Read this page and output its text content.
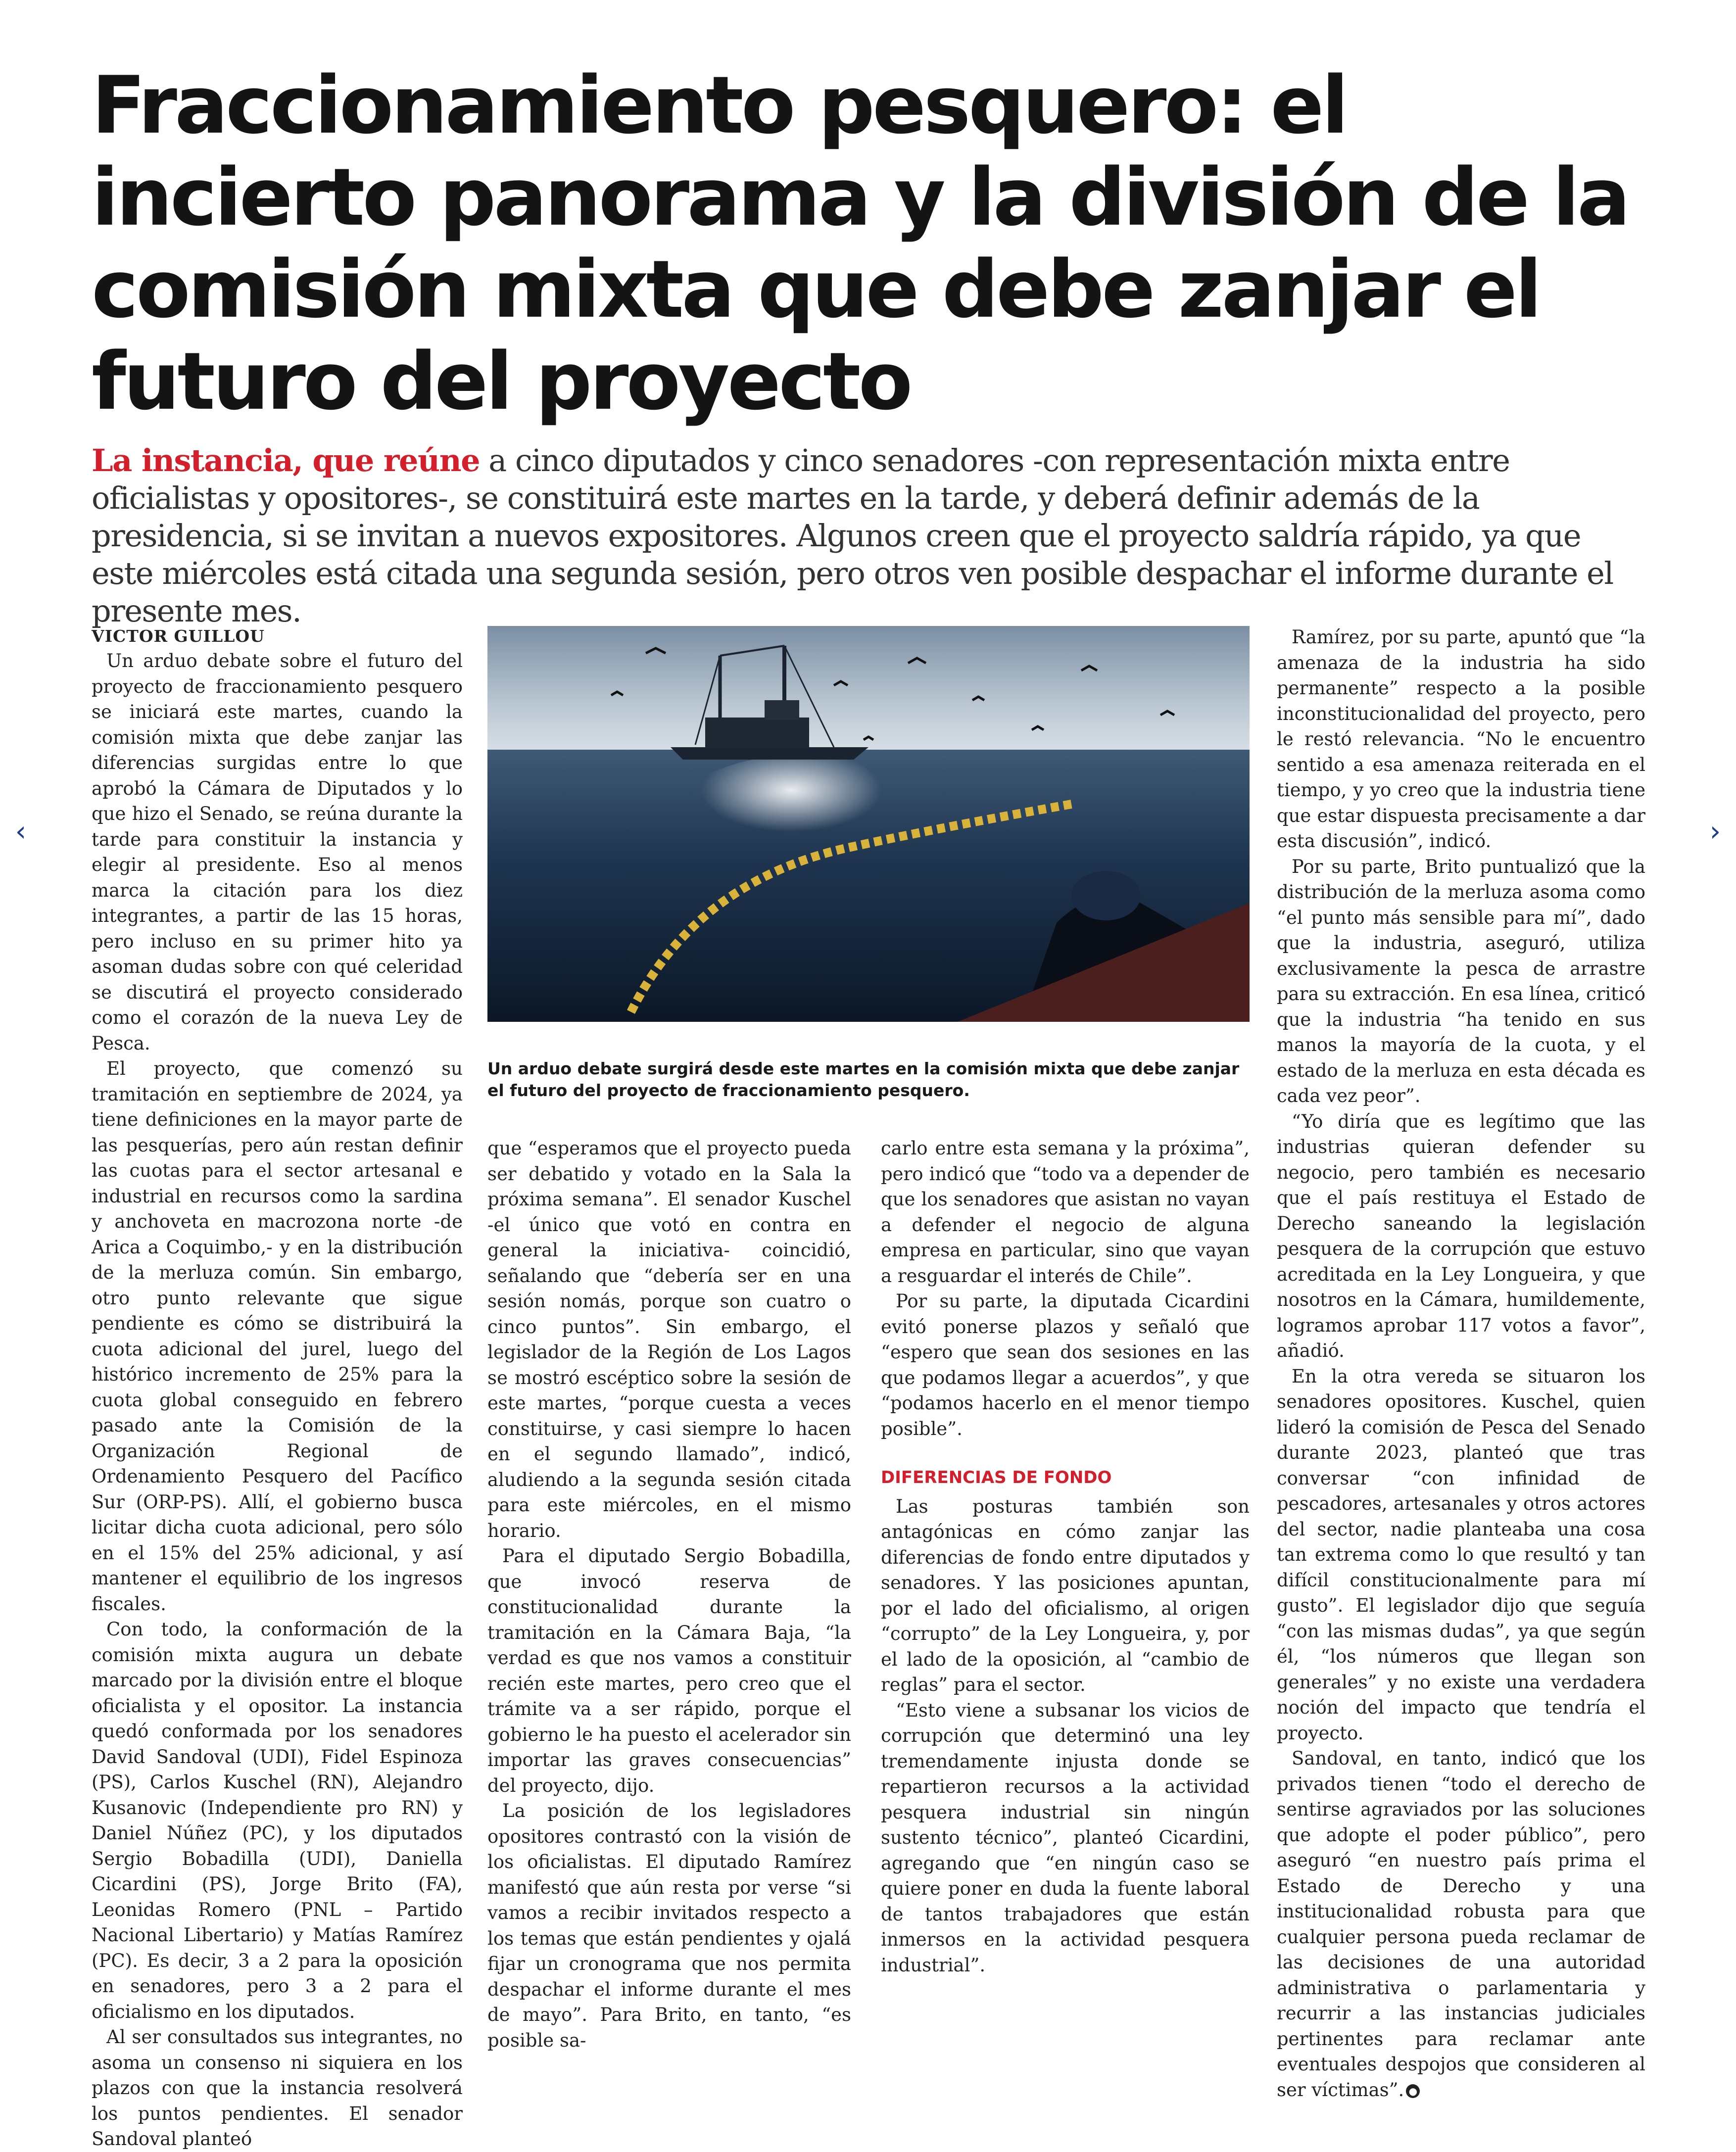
‹	›
Fraccionamiento pesquero: el incierto panorama y la división de la comisión mixta que debe zanjar el futuro del proyecto

La instancia, que reúne a cinco diputados y cinco senadores -con representación mixta entre oficialistas y opositores-, se constituirá este martes en la tarde, y deberá definir además de la presidencia, si se invitan a nuevos expositores. Algunos creen que el proyecto saldría rápido, ya que este miércoles está citada una segunda sesión, pero otros ven posible despachar el informe durante el presente mes.

VICTOR GUILLOU

Un arduo debate sobre el futuro del proyecto de fraccionamiento pesquero se iniciará este martes, cuando la comisión mixta que debe zanjar las diferencias surgidas entre lo que aprobó la Cámara de Diputados y lo que hizo el Senado, se reúna durante la tarde para constituir la instancia y elegir al presidente. Eso al menos marca la citación para los diez integrantes, a partir de las 15 horas, pero incluso en su primer hito ya asoman dudas sobre con qué celeridad se discutirá el proyecto considerado como el corazón de la nueva Ley de Pesca.

El proyecto, que comenzó su tramitación en septiembre de 2024, ya tiene definiciones en la mayor parte de las pesquerías, pero aún restan definir las cuotas para el sector artesanal e industrial en recursos como la sardina y anchoveta en macrozona norte -de Arica a Coquimbo,- y en la distribución de la merluza común. Sin embargo, otro punto relevante que sigue pendiente es cómo se distribuirá la cuota adicional del jurel, luego del histórico incremento de 25% para la cuota global conseguido en febrero pasado ante la Comisión de la Organización Regional de Ordenamiento Pesquero del Pacífico Sur (ORP-PS). Allí, el gobierno busca licitar dicha cuota adicional, pero sólo en el 15% del 25% adicional, y así mantener el equilibrio de los ingresos fiscales.

Con todo, la conformación de la comisión mixta augura un debate marcado por la división entre el bloque oficialista y el opositor. La instancia quedó conformada por los senadores David Sandoval (UDI), Fidel Espinoza (PS), Carlos Kuschel (RN), Alejandro Kusanovic (Independiente pro RN) y Daniel Núñez (PC), y los diputados Sergio Bobadilla (UDI), Daniella Cicardini (PS), Jorge Brito (FA), Leonidas Romero (PNL – Partido Nacional Libertario) y Matías Ramírez (PC). Es decir, 3 a 2 para la oposición en senadores, pero 3 a 2 para el oficialismo en los diputados.

Al ser consultados sus integrantes, no asoma un consenso ni siquiera en los plazos con que la instancia resolverá los puntos pendientes. El senador Sandoval planteó

Un arduo debate surgirá desde este martes en la comisión mixta que debe zanjar el futuro del proyecto de fraccionamiento pesquero.

que “esperamos que el proyecto pueda ser debatido y votado en la Sala la próxima semana”. El senador Kuschel -el único que votó en contra en general la iniciativa- coincidió, señalando que “debería ser en una sesión nomás, porque son cuatro o cinco puntos”. Sin embargo, el legislador de la Región de Los Lagos se mostró escéptico sobre la sesión de este martes, “porque cuesta a veces constituirse, y casi siempre lo hacen en el segundo llamado”, indicó, aludiendo a la segunda sesión citada para este miércoles, en el mismo horario.

Para el diputado Sergio Bobadilla, que invocó reserva de constitucionalidad durante la tramitación en la Cámara Baja, “la verdad es que nos vamos a constituir recién este martes, pero creo que el trámite va a ser rápido, porque el gobierno le ha puesto el acelerador sin importar las graves consecuencias” del proyecto, dijo.

La posición de los legisladores opositores contrastó con la visión de los oficialistas. El diputado Ramírez manifestó que aún resta por verse “si vamos a recibir invitados respecto a los temas que están pendientes y ojalá fijar un cronograma que nos permita despachar el informe durante el mes de mayo”. Para Brito, en tanto, “es posible sa-

carlo entre esta semana y la próxima”, pero indicó que “todo va a depender de que los senadores que asistan no vayan a defender el negocio de alguna empresa en particular, sino que vayan a resguardar el interés de Chile”.

Por su parte, la diputada Cicardini evitó ponerse plazos y señaló que “espero que sean dos sesiones en las que podamos llegar a acuerdos”, y que “podamos hacerlo en el menor tiempo posible”.

DIFERENCIAS DE FONDO

Las posturas también son antagónicas en cómo zanjar las diferencias de fondo entre diputados y senadores. Y las posiciones apuntan, por el lado del oficialismo, al origen “corrupto” de la Ley Longueira, y, por el lado de la oposición, al “cambio de reglas” para el sector.

“Esto viene a subsanar los vicios de corrupción que determinó una ley tremendamente injusta donde se repartieron recursos a la actividad pesquera industrial sin ningún sustento técnico”, planteó Cicardini, agregando que “en ningún caso se quiere poner en duda la fuente laboral de tantos trabajadores que están inmersos en la actividad pesquera industrial”.

Ramírez, por su parte, apuntó que “la amenaza de la industria ha sido permanente” respecto a la posible inconstitucionalidad del proyecto, pero le restó relevancia. “No le encuentro sentido a esa amenaza reiterada en el tiempo, y yo creo que la industria tiene que estar dispuesta precisamente a dar esta discusión”, indicó.

Por su parte, Brito puntualizó que la distribución de la merluza asoma como “el punto más sensible para mí”, dado que la industria, aseguró, utiliza exclusivamente la pesca de arrastre para su extracción. En esa línea, criticó que la industria “ha tenido en sus manos la mayoría de la cuota, y el estado de la merluza en esta década es cada vez peor”.

“Yo diría que es legítimo que las industrias quieran defender su negocio, pero también es necesario que el país restituya el Estado de Derecho saneando la legislación pesquera de la corrupción que estuvo acreditada en la Ley Longueira, y que nosotros en la Cámara, humildemente, logramos aprobar 117 votos a favor”, añadió.

En la otra vereda se situaron los senadores opositores. Kuschel, quien lideró la comisión de Pesca del Senado durante 2023, planteó que tras conversar “con infinidad de pescadores, artesanales y otros actores del sector, nadie planteaba una cosa tan extrema como lo que resultó y tan difícil constitucionalmente para mí gusto”. El legislador dijo que seguía “con las mismas dudas”, ya que según él, “los números que llegan son generales” y no existe una verdadera noción del impacto que tendría el proyecto.

Sandoval, en tanto, indicó que los privados tienen “todo el derecho de sentirse agraviados por las soluciones que adopte el poder público”, pero aseguró “en nuestro país prima el Estado de Derecho y una institucionalidad robusta para que cualquier persona pueda reclamar de las decisiones de una autoridad administrativa o parlamentaria y recurrir a las instancias judiciales pertinentes para reclamar ante eventuales despojos que consideren al ser víctimas”. ●
